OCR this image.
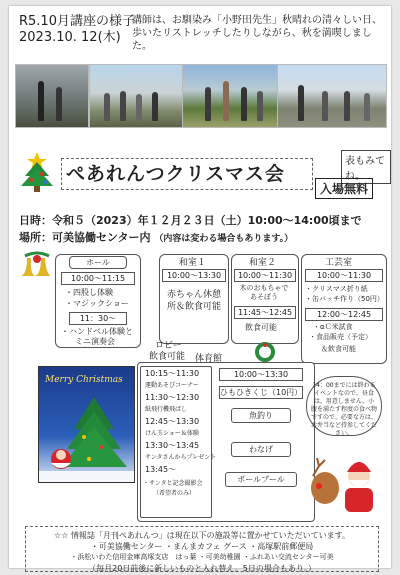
R5.10月講座の様子
2023.10. 12(木)
講師は、お馴染み「小野田先生」秋晴れの清々しい日、歩いたリストレッチしたりしながら、秋を満喫しました。
表もみてね。
ぺあれんつクリスマス会
入場無料
日時：令和５（2023）年１２月２３日（土）10:00～14:00頃まで
場所：可美協働センター内 （内容は変わる場合もあります。）
ホール
10:00～11:15
・四股し体験
・マジックショー
11：30～
・ハンドベル体験と
ミニ演奏会
和室１
10:00～13:30
赤ちゃん休憩所＆飲食可能
和室２
10:00～11:30
木のおもちゃであそぼう
11:45～12:45
飲食可能
工芸室
10:00～11:30
・クリスマス折り紙
・缶バッチ作り（50円）
12:00～12:45
・αＣ米試食
・食品販売（予定）
＆飲食可能
ロビー
飲食可能 体育館
10:15～11:30
運動あそびコーナー
11:30～12:30
紙飛行機飛ばし
12:45～13:30
けん玉ショー＆体験
13:30～13:45
サンタさんからプレゼント
13:45～
・サンタと記念撮影会
（希望者のみ）
10:00～13:30
ひもひきくじ（10円）
魚釣り
わなげ
ボールプール
Merry Christmas
14：00までには終わるイベントなので、昼食は、用意しません。小腹を満たす程度の食べ物ですので、必要な方は、お弁当など持参してください。
☆☆ 情報誌「月刊ぺあれんつ」は現在以下の施設等に置かせていただいています。
・可美協働センター ・まんまカフェ グース ・高塚駅前郵便局
・浜松いわた信用金庫高塚支店　はっ葉 ・可美幼稚園 ・ふれあい交流センター可美
（毎月20日前後に新しいものと入れ替え。5日の場合もあり。）
